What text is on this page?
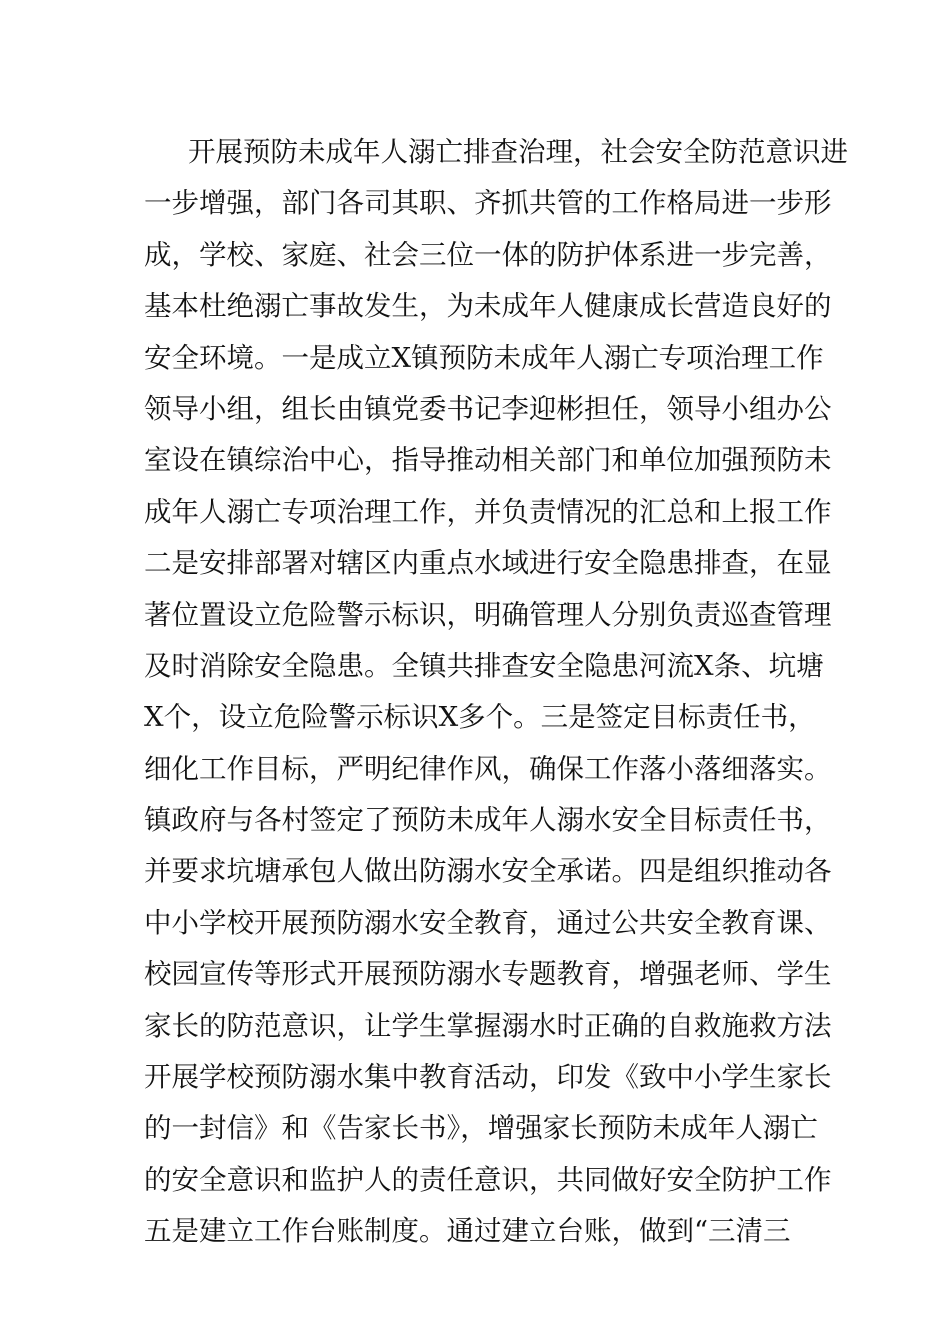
开展预防未成年人溺亡排查治理，社会安全防范意识进
一步增强，部门各司其职、齐抓共管的工作格局进一步形
成，学校、家庭、社会三位一体的防护体系进一步完善，
基本杜绝溺亡事故发生，为未成年人健康成长营造良好的
安全环境。一是成立X镇预防未成年人溺亡专项治理工作
领导小组，组长由镇党委书记李迎彬担任，领导小组办公
室设在镇综治中心，指导推动相关部门和单位加强预防未
成年人溺亡专项治理工作，并负责情况的汇总和上报工作
二是安排部署对辖区内重点水域进行安全隐患排查，在显
著位置设立危险警示标识，明确管理人分别负责巡查管理
及时消除安全隐患。全镇共排查安全隐患河流X条、坑塘
X个，设立危险警示标识X多个。三是签定目标责任书，
细化工作目标，严明纪律作风，确保工作落小落细落实。
镇政府与各村签定了预防未成年人溺水安全目标责任书，
并要求坑塘承包人做出防溺水安全承诺。四是组织推动各
中小学校开展预防溺水安全教育，通过公共安全教育课、
校园宣传等形式开展预防溺水专题教育，增强老师、学生
家长的防范意识，让学生掌握溺水时正确的自救施救方法
开展学校预防溺水集中教育活动，印发《致中小学生家长
的一封信》和《告家长书》，增强家长预防未成年人溺亡
的安全意识和监护人的责任意识，共同做好安全防护工作
五是建立工作台账制度。通过建立台账，做到“三清三
